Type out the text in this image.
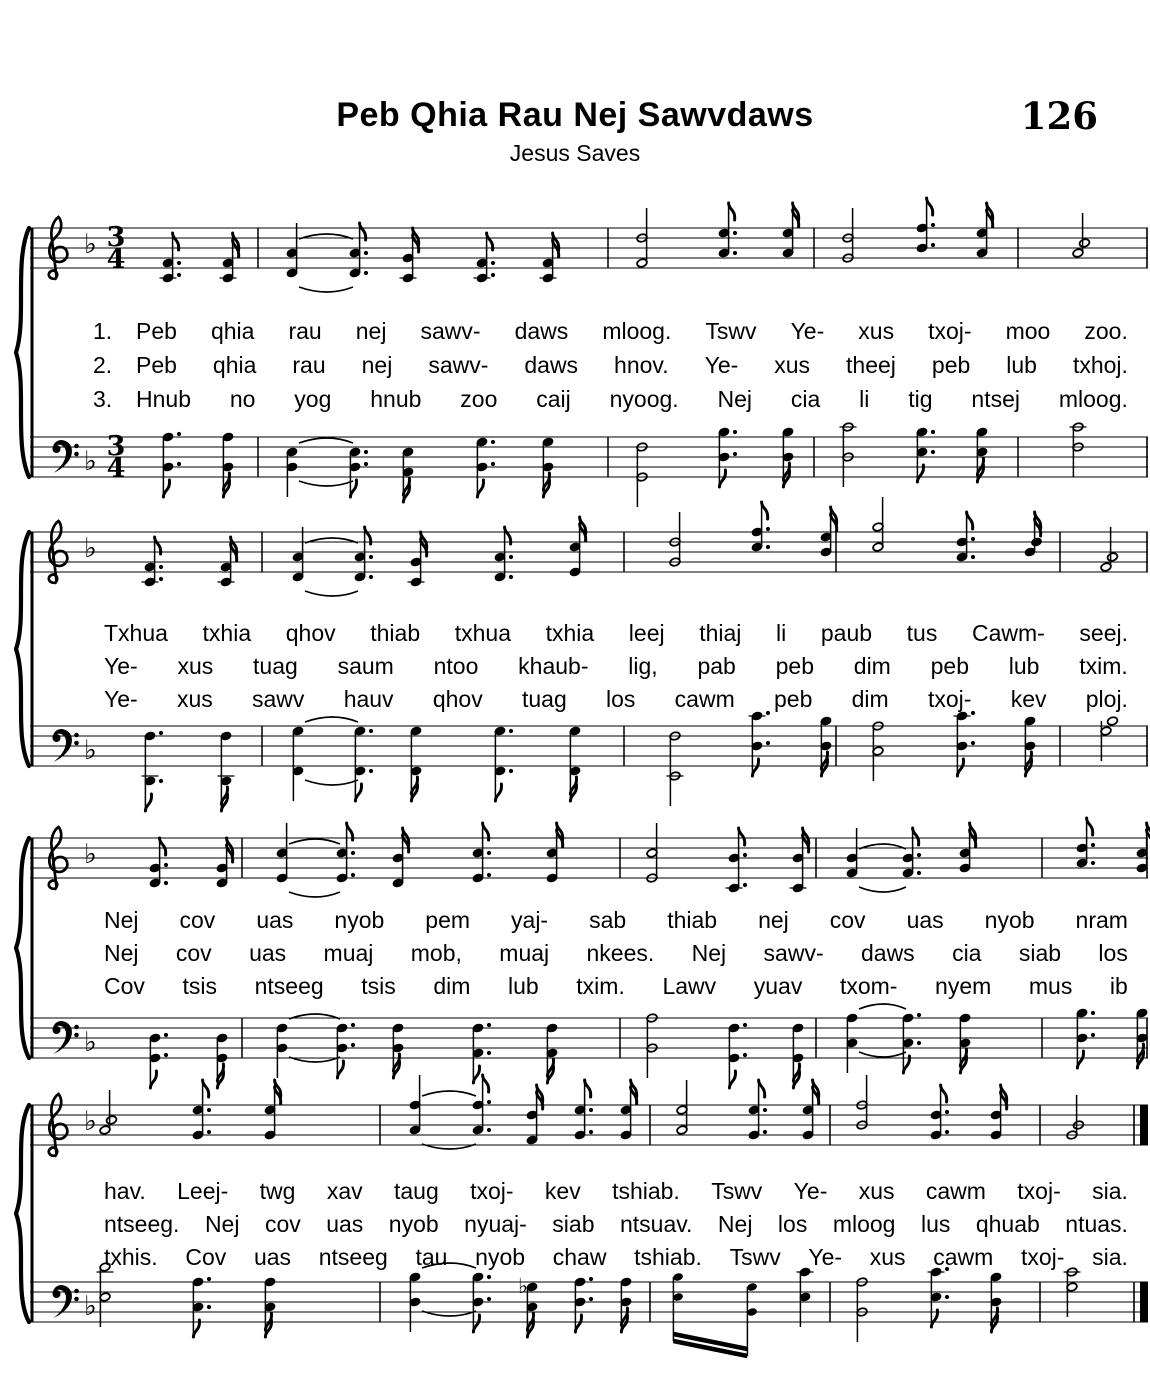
Peb Qhia Rau Nej Sawvdaws	126
Jesus Saves
♭ 3
4
♭ 3
4
1. Peb qhia rau nej sawv- daws mloog. Tswv Ye- xus txoj- moo zoo.
2. Peb qhia rau nej sawv- daws hnov. Ye- xus theej peb lub txhoj.
3. Hnub no yog hnub zoo caij nyoog. Nej cia li tig ntsej mloog.
♭
♭
Txhua txhia qhov thiab txhua txhia leej thiaj li paub tus Cawm- seej.
Ye- xus tuag saum ntoo khaub- lig, pab peb dim peb lub txim.
Ye- xus sawv hauv qhov tuag los cawm peb dim txoj- kev ploj.
♭
♭
Nej cov uas nyob pem yaj- sab thiab nej cov uas nyob nram
Nej cov uas muaj mob, muaj nkees. Nej sawv- daws cia siab los
Cov tsis ntseeg tsis dim lub txim. Lawv yuav txom- nyem mus ib
♭
♭
♭
hav. Leej- twg xav taug txoj- kev tshiab. Tswv Ye- xus cawm txoj- sia.
ntseeg. Nej cov uas nyob nyuaj- siab ntsuav. Nej los mloog lus qhuab ntuas.
txhis. Cov uas ntseeg tau nyob chaw tshiab. Tswv Ye- xus cawm txoj- sia.
